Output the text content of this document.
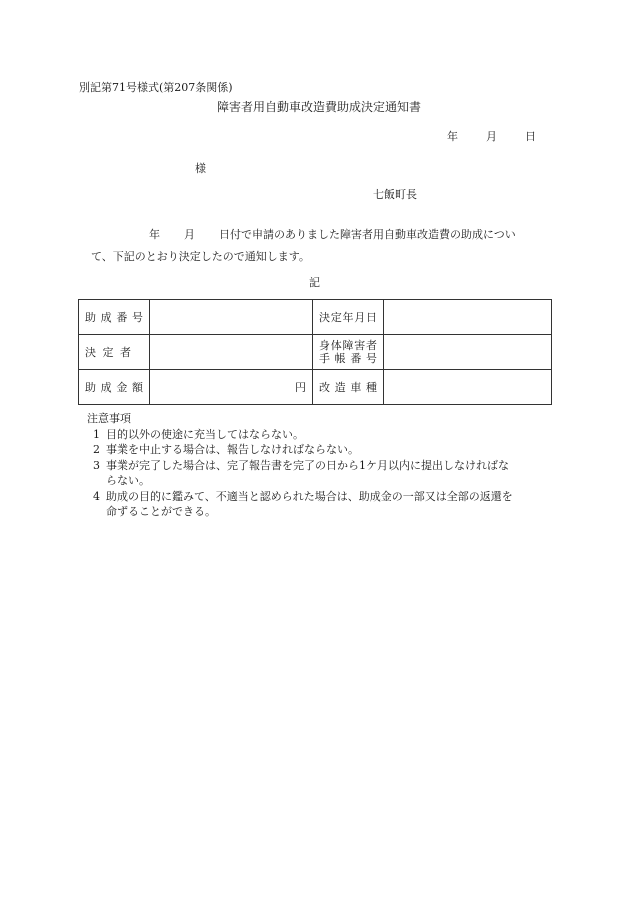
別記第71号様式(第207条関係)
障害者用自動車改造費助成決定通知書
年	月	日
様
七飯町長
年 月 日付で申請のありました障害者用自動車改造費の助成につい
て、下記のとおり決定したので通知します。
記
助成番号		決定年月日	
決定者		身体障害者
手帳番号	

助成金額	円	改造車種	
注意事項
1 目的以外の使途に充当してはならない。
2 事業を中止する場合は、報告しなければならない。
3 事業が完了した場合は、完了報告書を完了の日から1ケ月以内に提出しなければな
らない。
4 助成の目的に鑑みて、不適当と認められた場合は、助成金の一部又は全部の返還を
命ずることができる。
